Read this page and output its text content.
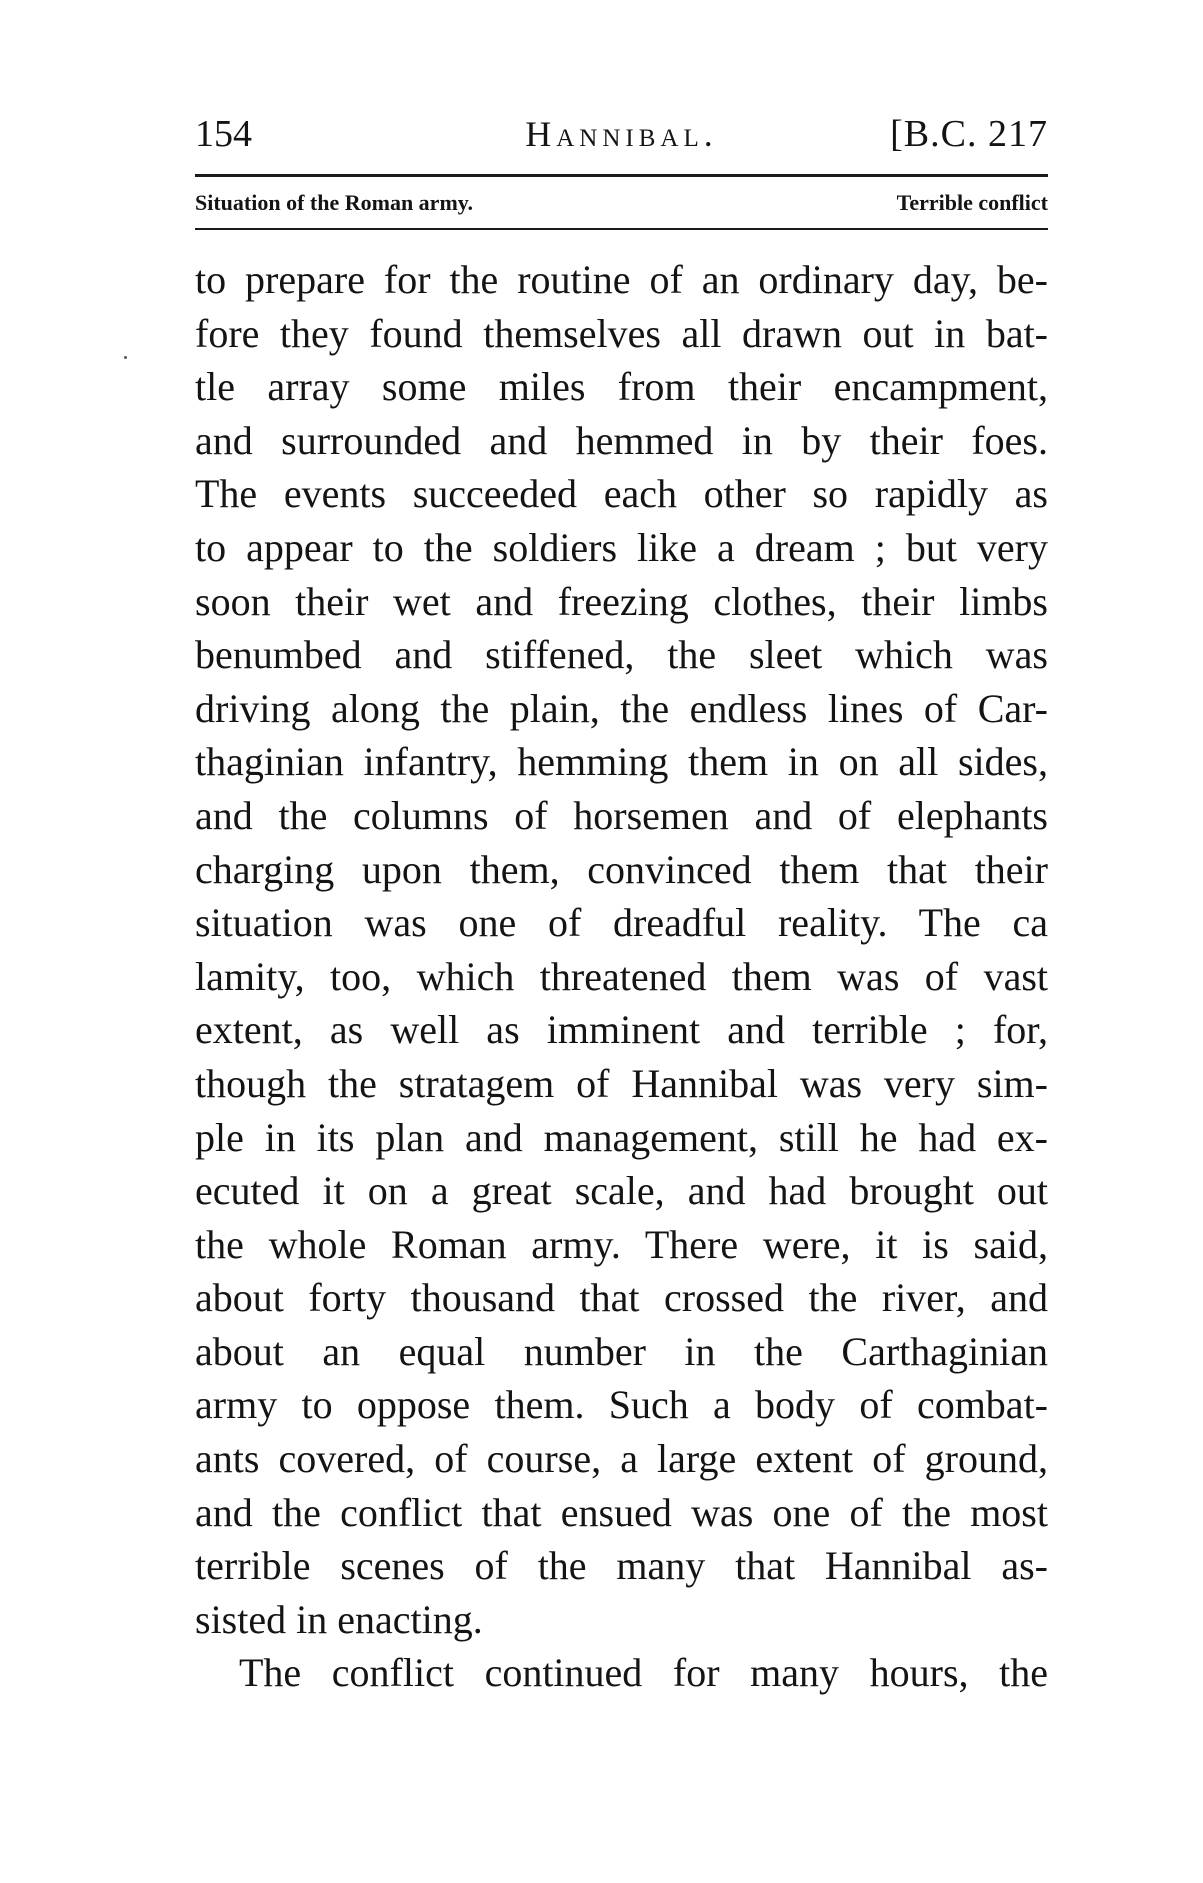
154	Hannibal.	[B.C. 217
Situation of the Roman army.	Terrible conflict
to prepare for the routine of an ordinary day, be-
fore they found themselves all drawn out in bat-
tle array some miles from their encampment,
and surrounded and hemmed in by their foes.
The events succeeded each other so rapidly as
to appear to the soldiers like a dream ; but very
soon their wet and freezing clothes, their limbs
benumbed and stiffened, the sleet which was
driving along the plain, the endless lines of Car-
thaginian infantry, hemming them in on all sides,
and the columns of horsemen and of elephants
charging upon them, convinced them that their
situation was one of dreadful reality. The ca
lamity, too, which threatened them was of vast
extent, as well as imminent and terrible ; for,
though the stratagem of Hannibal was very sim-
ple in its plan and management, still he had ex-
ecuted it on a great scale, and had brought out
the whole Roman army. There were, it is said,
about forty thousand that crossed the river, and
about an equal number in the Carthaginian
army to oppose them. Such a body of combat-
ants covered, of course, a large extent of ground,
and the conflict that ensued was one of the most
terrible scenes of the many that Hannibal as-
sisted in enacting.
The conflict continued for many hours, the
